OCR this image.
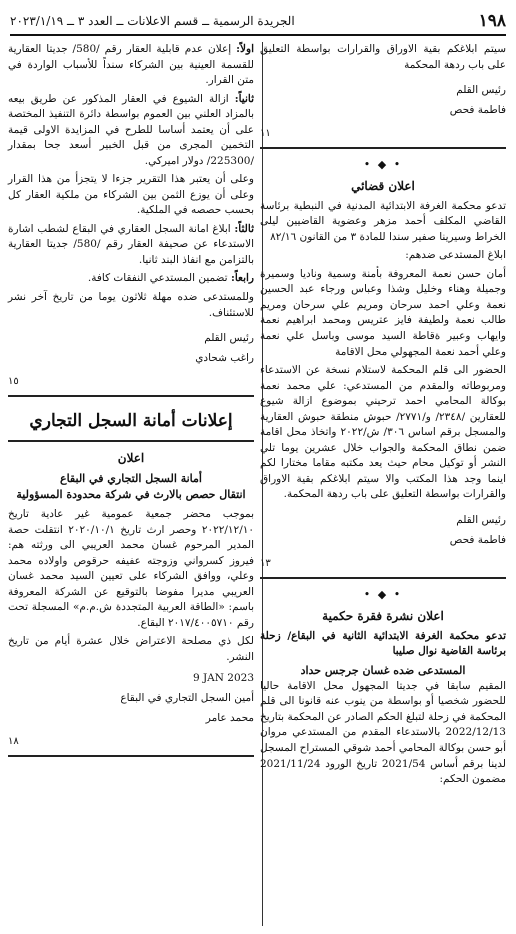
١٩٨
الجريدة الرسمية ــ قسم الاعلانات ــ العدد ٣ ــ ٢٠٢٣/١/١٩

سيتم ابلاغكم بقية الاوراق والقرارات بواسطة التعليق على باب ردهة المحكمة

رئيس القلم
فاطمة فحص
١١
• ◆ •
اعلان قضائي

تدعو محكمة الغرفة الابتدائية المدنية في النبطية برئاسة القاضي المكلف أحمد مزهر وعضوية القاضيين ليلى الخراط وسيرينا صفير سندا للمادة ٣ من القانون ٨٢/١٦

ابلاغ المستدعى ضدهم:

أمان حسن نعمة المعروفة بأمنة وسمية وناديا وسميرة وجميلة وهناء وخليل وشذا وعباس ورجاء عبد الحسين نعمة وعلي احمد سرحان ومريم علي سرحان ومريم طالب نعمة ولطيفة فايز عتريس ومحمد ابراهيم نعمة وايهاب وعبير ةقاطة السيد موسى وباسل علي نعمة وعلي أحمد نعمة المجهولي محل الاقامة

الحضور الى قلم المحكمة لاستلام نسخة عن الاستدعاء ومربوطاته والمقدم من المستدعي: علي محمد نعمة بوكالة المحامي احمد ترحيني بموضوع ازالة شيوع للعقارين /٢٣٤٨/ و/٢٧٧١/ حبوش منطقة حبوش العقارية والمسجل برقم اساس ٣٠٦/ ش/٢٠٢٢ واتخاذ محل اقامة ضمن نطاق المحكمة والجواب خلال عشرين يوما تلي النشر أو توكيل محام حيث يعد مكتبه مقاما مختارا لكم اينما وجد هذا المكتب والا سيتم ابلاغكم بقية الاوراق والقرارات بواسطة التعليق على باب ردهة المحكمة.

رئيس القلم
فاطمة فحص
١٣
• ◆ •
اعلان نشرة فقرة حكمية

تدعو محكمة الغرفة الابتدائية الثانية في البقاع/ زحلة برئاسة القاضية نوال صليبا

المستدعى ضده غسان جرجس حداد

المقيم سابقا في جديتا المجهول محل الاقامة حاليا للحضور شخصيا أو بواسطة من ينوب عنه قانونا الى قلم المحكمة في زحلة لتبلغ الحكم الصادر عن المحكمة بتاريخ 2022/12/13 بالاستدعاء المقدم من المستدعي مروان أبو حسن بوكالة المحامي أحمد شوقي المستراح المسجل لدينا برقم أساس 2021/54 تاريخ الورود 2021/11/24 مضمون الحكم:

اولاً: إعلان عدم قابلية العقار رقم /580/ جديتا العقارية للقسمة العينية بين الشركاء سنداً للأسباب الواردة في متن القرار.

ثانياً: ازالة الشيوع في العقار المذكور عن طريق بيعه بالمزاد العلني بين العموم بواسطة دائرة التنفيذ المختصة على أن يعتمد أساسا للطرح في المزايدة الاولى قيمة التخمين المجرى من قبل الخبير أسعد جحا بمقدار /225300/ دولار اميركي.

وعلى أن يعتبر هذا التقرير جزءا لا يتجزأ من هذا القرار وعلى أن يوزع الثمن بين الشركاء من ملكية العقار كل بحسب حصصه في الملكية.

ثالثاً: ابلاغ امانة السجل العقاري في البقاع لشطب اشارة الاستدعاء عن صحيفة العقار رقم /580/ جديتا العقارية بالتزامن مع انفاذ البند ثانيا.

رابعاً: تضمين المستدعي النفقات كافة.

وللمستدعى ضده مهلة ثلاثون يوما من تاريخ آخر نشر للاستئناف.

رئيس القلم
راغب شحادي
١٥
إعلانات أمانة السجل التجاري
اعلان
أمانة السجل التجاري في البقاع
انتقال حصص بالارث في شركة محدودة المسؤولية

بموجب محضر جمعية عمومية غير عادية تاريخ ٢٠٢٢/١٢/١٠ وحصر ارث تاريخ ٢٠٢٠/١٠/١ انتقلت حصة المدير المرحوم غسان محمد العريبي الى ورثته هم: فيروز كسرواني وزوجته عفيفه حرقوص واولاده محمد وعلي، ووافق الشركاء على تعيين السيد محمد غسان العريبي مديرا مفوضا بالتوقيع عن الشركة المعروفة باسم: «الطاقة العربية المتجددة ش.م.م» المسجلة تحت رقم ٢٠١٧/٤٠٠٥٧١٠ البقاع.

لكل ذي مصلحة الاعتراض خلال عشرة أيام من تاريخ النشر.

9 JAN 2023
أمين السجل التجاري في البقاع
محمد عامر
١٨
